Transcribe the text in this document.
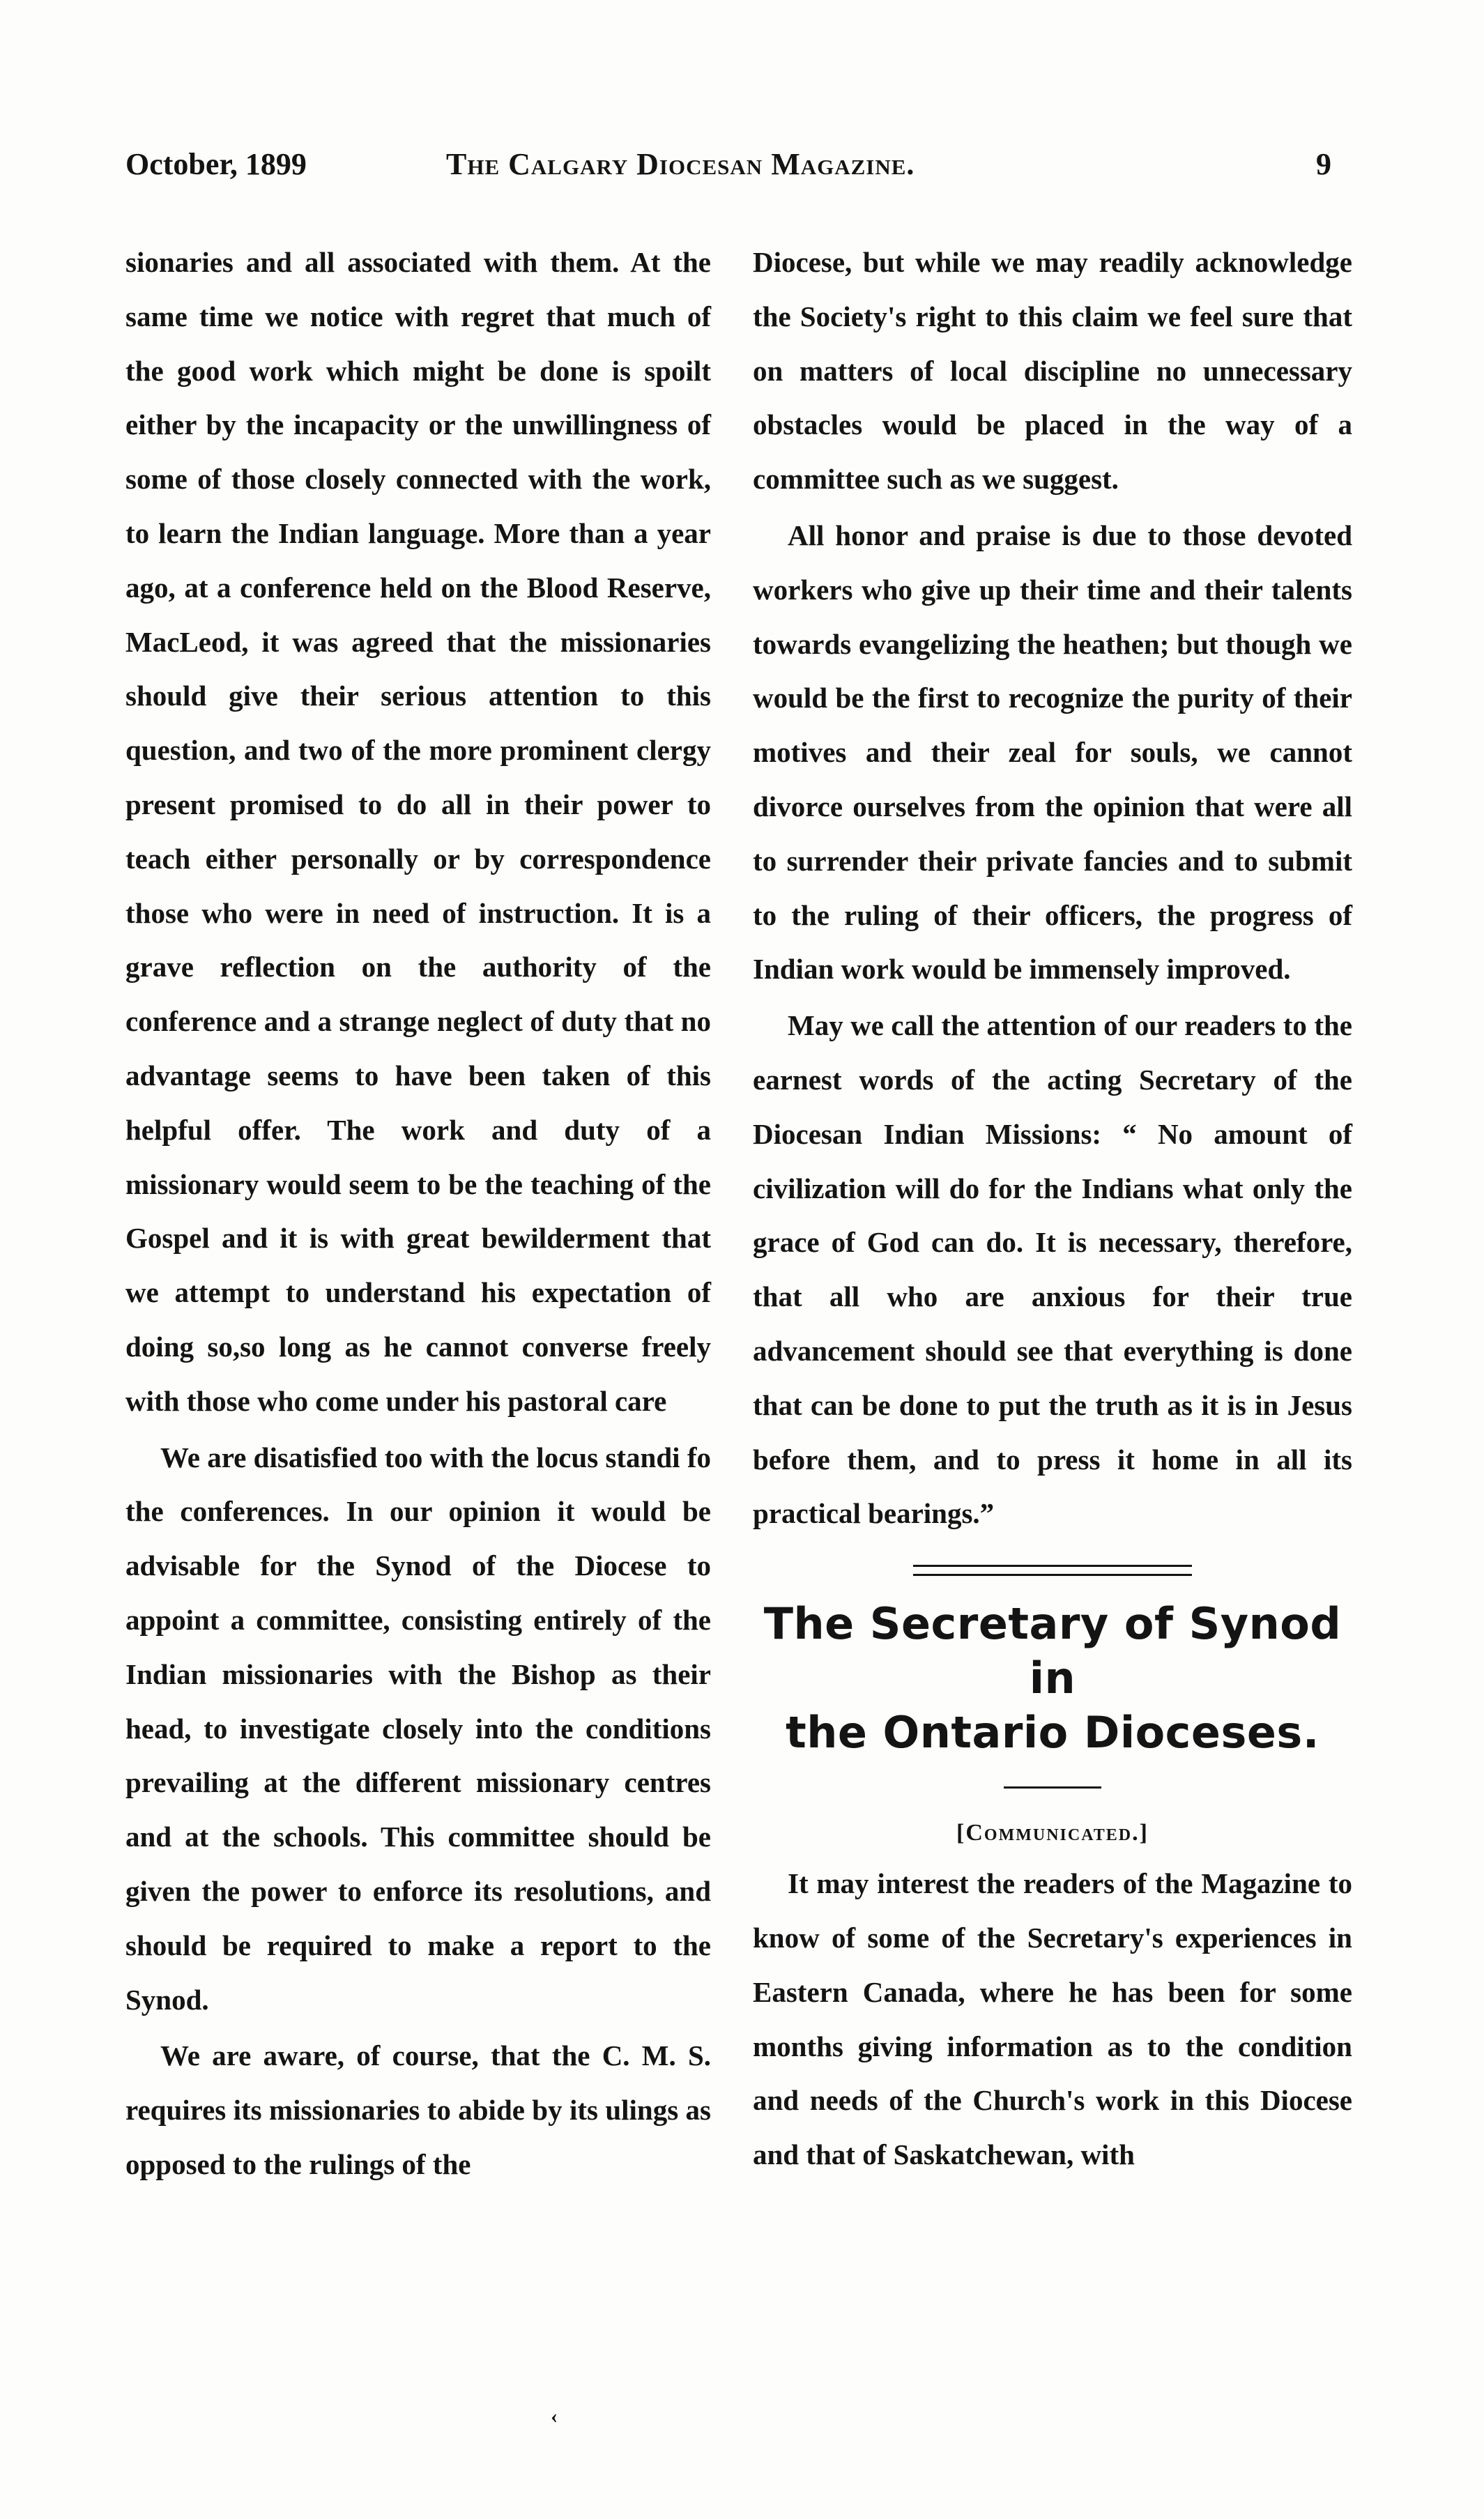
October, 1899	The Calgary Diocesan Magazine.	9

sionaries and all associated with them. At the same time we notice with regret that much of the good work which might be done is spoilt either by the incapacity or the unwillingness of some of those closely connected with the work, to learn the Indian language. More than a year ago, at a conference held on the Blood Reserve, MacLeod, it was agreed that the missionaries should give their serious attention to this question, and two of the more prominent clergy present promised to do all in their power to teach either personally or by correspondence those who were in need of instruction. It is a grave reflection on the authority of the conference and a strange neglect of duty that no advantage seems to have been taken of this helpful offer. The work and duty of a missionary would seem to be the teaching of the Gospel and it is with great bewilderment that we attempt to understand his expectation of doing so,so long as he cannot converse freely with those who come under his pastoral care

We are disatisfied too with the locus standi fo the conferences. In our opinion it would be advisable for the Synod of the Diocese to appoint a committee, consisting entirely of the Indian missionaries with the Bishop as their head, to investigate closely into the conditions prevailing at the different missionary centres and at the schools. This committee should be given the power to enforce its resolutions, and should be required to make a report to the Synod.

We are aware, of course, that the C. M. S. requires its missionaries to abide by its ulings as opposed to the rulings of the

Diocese, but while we may readily acknowledge the Society's right to this claim we feel sure that on matters of local discipline no unnecessary obstacles would be placed in the way of a committee such as we suggest.

All honor and praise is due to those devoted workers who give up their time and their talents towards evangelizing the heathen; but though we would be the first to recognize the purity of their motives and their zeal for souls, we cannot divorce ourselves from the opinion that were all to surrender their private fancies and to submit to the ruling of their officers, the progress of Indian work would be immensely improved.

May we call the attention of our readers to the earnest words of the acting Secretary of the Diocesan Indian Missions: “ No amount of civilization will do for the Indians what only the grace of God can do. It is necessary, therefore, that all who are anxious for their true advancement should see that everything is done that can be done to put the truth as it is in Jesus before them, and to press it home in all its practical bearings.”

The Secretary of Synod in
the Ontario Dioceses.
[Communicated.]

It may interest the readers of the Magazine to know of some of the Secretary's experiences in Eastern Canada, where he has been for some months giving information as to the condition and needs of the Church's work in this Diocese and that of Saskatchewan, with

‹
